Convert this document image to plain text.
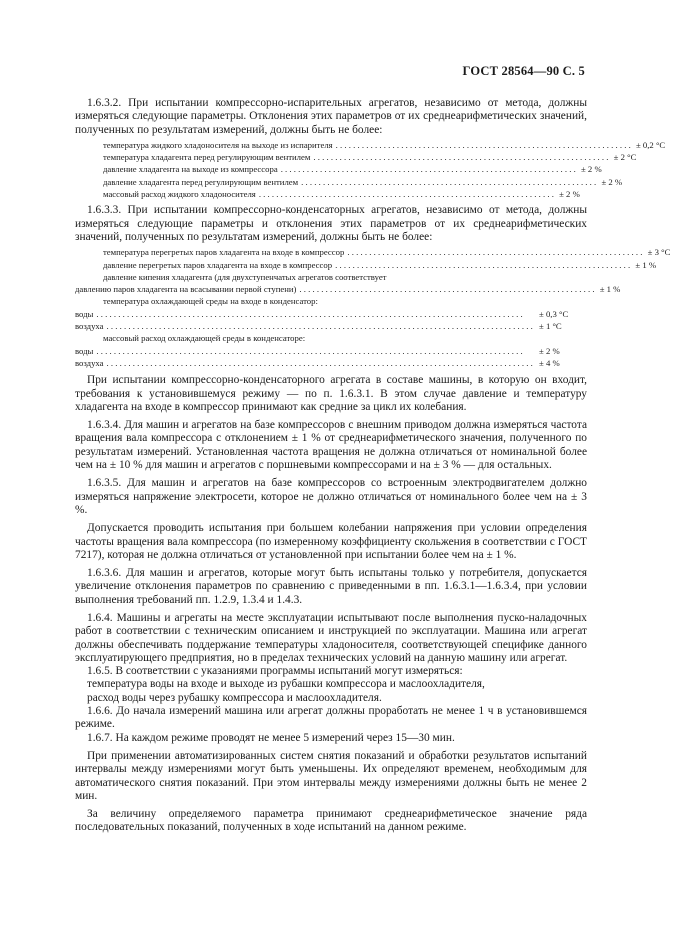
ГОСТ 28564—90 С. 5

1.6.3.2. При испытании компрессорно-испарительных агрегатов, независимо от метода, должны измеряться следующие параметры. Отклонения этих параметров от их среднеарифметических значений, полученных по результатам измерений, должны быть не более:

температура жидкого хладоносителя на выходе из испарителя .................................................................... ± 0,2 °C
температура хладагента перед регулирующим вентилем .................................................................... ± 2 °C
давление хладагента на выходе из компрессора .................................................................... ± 2 %
давление хладагента перед регулирующим вентилем .................................................................... ± 2 %
массовый расход жидкого хладоносителя .................................................................... ± 2 %

1.6.3.3. При испытании компрессорно-конденсаторных агрегатов, независимо от метода, должны измеряться следующие параметры и отклонения этих параметров от их среднеарифметических значений, полученных по результатам измерений, должны быть не более:

температура перегретых паров хладагента на входе в компрессор .................................................................... ± 3 °C
давление перегретых паров хладагента на входе в компрессор .................................................................... ± 1 %
давление кипения хладагента (для двухступенчатых агрегатов соответствует
давлению паров хладагента на всасывании первой ступени) .................................................................... ± 1 %
температура охлаждающей среды на входе в конденсатор:
воды ..................................................................................................	± 0,3 °C
воздуха .................................................................................................. ± 1 °C
массовый расход охлаждающей среды в конденсаторе:
воды ..................................................................................................	± 2 %
воздуха .................................................................................................. ± 4 %

При испытании компрессорно-конденсаторного агрегата в составе машины, в которую он входит, требования к установившемуся режиму — по п. 1.6.3.1. В этом случае давление и температуру хладагента на входе в компрессор принимают как средние за цикл их колебания.

1.6.3.4. Для машин и агрегатов на базе компрессоров с внешним приводом должна измеряться частота вращения вала компрессора с отклонением ± 1 % от среднеарифметического значения, полученного по результатам измерений. Установленная частота вращения не должна отличаться от номинальной более чем на ± 10 % для машин и агрегатов с поршневыми компрессорами и на ± 3 % — для остальных.

1.6.3.5. Для машин и агрегатов на базе компрессоров со встроенным электродвигателем должно измеряться напряжение электросети, которое не должно отличаться от номинального более чем на ± 3 %.

Допускается проводить испытания при большем колебании напряжения при условии определения частоты вращения вала компрессора (по измеренному коэффициенту скольжения в соответствии с ГОСТ 7217), которая не должна отличаться от установленной при испытании более чем на ± 1 %.

1.6.3.6. Для машин и агрегатов, которые могут быть испытаны только у потребителя, допускается увеличение отклонения параметров по сравнению с приведенными в пп. 1.6.3.1—1.6.3.4, при условии выполнения требований пп. 1.2.9, 1.3.4 и 1.4.3.

1.6.4. Машины и агрегаты на месте эксплуатации испытывают после выполнения пуско-наладочных работ в соответствии с техническим описанием и инструкцией по эксплуатации. Машина или агрегат должны обеспечивать поддержание температуры хладоносителя, соответствующей специфике данного эксплуатирующего предприятия, но в пределах технических условий на данную машину или агрегат.

1.6.5. В соответствии с указаниями программы испытаний могут измеряться:

температура воды на входе и выходе из рубашки компрессора и маслоохладителя,

расход воды через рубашку компрессора и маслоохладителя.

1.6.6. До начала измерений машина или агрегат должны проработать не менее 1 ч в установившемся режиме.

1.6.7. На каждом режиме проводят не менее 5 измерений через 15—30 мин.

При применении автоматизированных систем снятия показаний и обработки результатов испытаний интервалы между измерениями могут быть уменьшены. Их определяют временем, необходимым для автоматического снятия показаний. При этом интервалы между измерениями должны быть не менее 2 мин.

За величину определяемого параметра принимают среднеарифметическое значение ряда последовательных показаний, полученных в ходе испытаний на данном режиме.
